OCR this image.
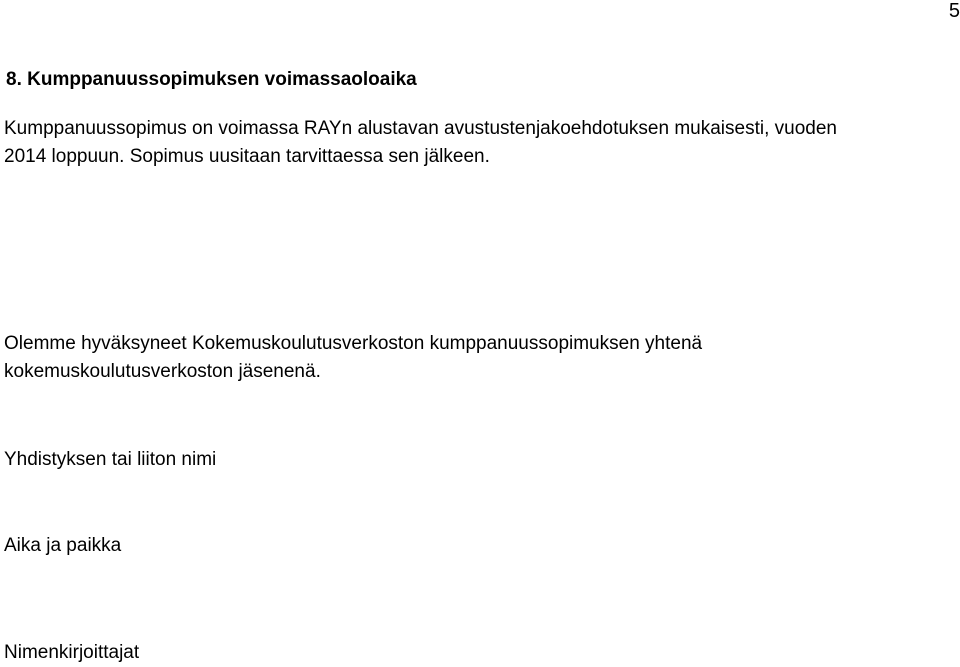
5
8. Kumppanuussopimuksen voimassaoloaika
Kumppanuussopimus on voimassa RAYn alustavan avustustenjakoehdotuksen mukaisesti, vuoden
2014 loppuun. Sopimus uusitaan tarvittaessa sen jälkeen.
Olemme hyväksyneet Kokemuskoulutusverkoston kumppanuussopimuksen yhtenä
kokemuskoulutusverkoston jäsenenä.
Yhdistyksen tai liiton nimi
Aika ja paikka
Nimenkirjoittajat
